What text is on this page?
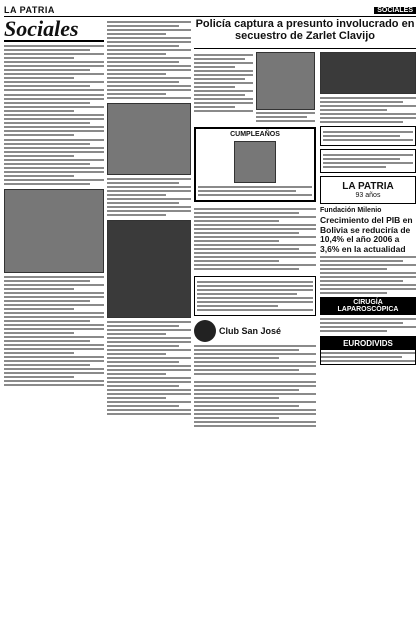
LA PATRIA	SOCIALES
Sociales	Policía captura a presunto involucrado en secuestro de Zarlet Clavijo
CUMPLEAÑOS
Club San José
LA PATRIA
93 años
Fundación Milenio
Crecimiento del PIB en Bolivia se reduciría de 10,4% el año 2006 a 3,6% en la actualidad
CIRUGÍA LAPAROSCÓPICA
EURODIVIDS
